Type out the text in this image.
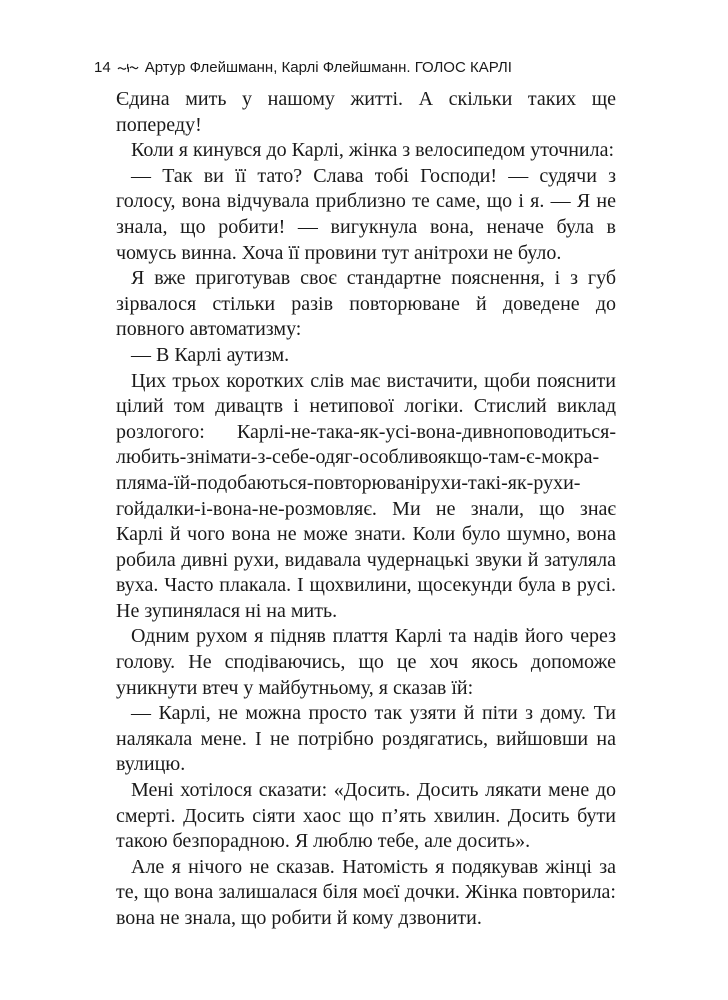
14 Артур Флейшманн, Карлі Флейшманн. ГОЛОС КАРЛІ

Єдина мить у нашому житті. А скільки таких ще попереду!

Коли я кинувся до Карлі, жінка з велосипедом уточнила:

— Так ви її тато? Слава тобі Господи! — судячи з голосу, вона відчувала приблизно те саме, що і я. — Я не знала, що робити! — вигукнула вона, неначе була в чомусь винна. Хоча її провини тут анітрохи не було.

Я вже приготував своє стандартне пояснення, і з губ зірвалося стільки разів повторюване й доведене до повного автоматизму:

— В Карлі аутизм.

Цих трьох коротких слів має вистачити, щоби пояснити цілий том дивацтв і нетипової логіки. Стислий виклад розлогого: Карлі-не-така-як-усі-вона-дивноповодиться-любить-знімати-з-себе-одяг-особливоякщо-там-є-мокра-пляма-їй-подобаються-повторюванірухи-такі-як-рухи-гойдалки-і-вона-не-розмовляє. Ми не знали, що знає Карлі й чого вона не може знати. Коли було шумно, вона робила дивні рухи, видавала чудернацькі звуки й затуляла вуха. Часто плакала. І щохвилини, щосекунди була в русі. Не зупинялася ні на мить.

Одним рухом я підняв плаття Карлі та надів його через голову. Не сподіваючись, що це хоч якось допоможе уникнути втеч у майбутньому, я сказав їй:

— Карлі, не можна просто так узяти й піти з дому. Ти налякала мене. І не потрібно роздягатись, вийшовши на вулицю.

Мені хотілося сказати: «Досить. Досить лякати мене до смерті. Досить сіяти хаос що п’ять хвилин. Досить бути такою безпорадною. Я люблю тебе, але досить».

Але я нічого не сказав. Натомість я подякував жінці за те, що вона залишалася біля моєї дочки. Жінка повторила: вона не знала, що робити й кому дзвонити.
